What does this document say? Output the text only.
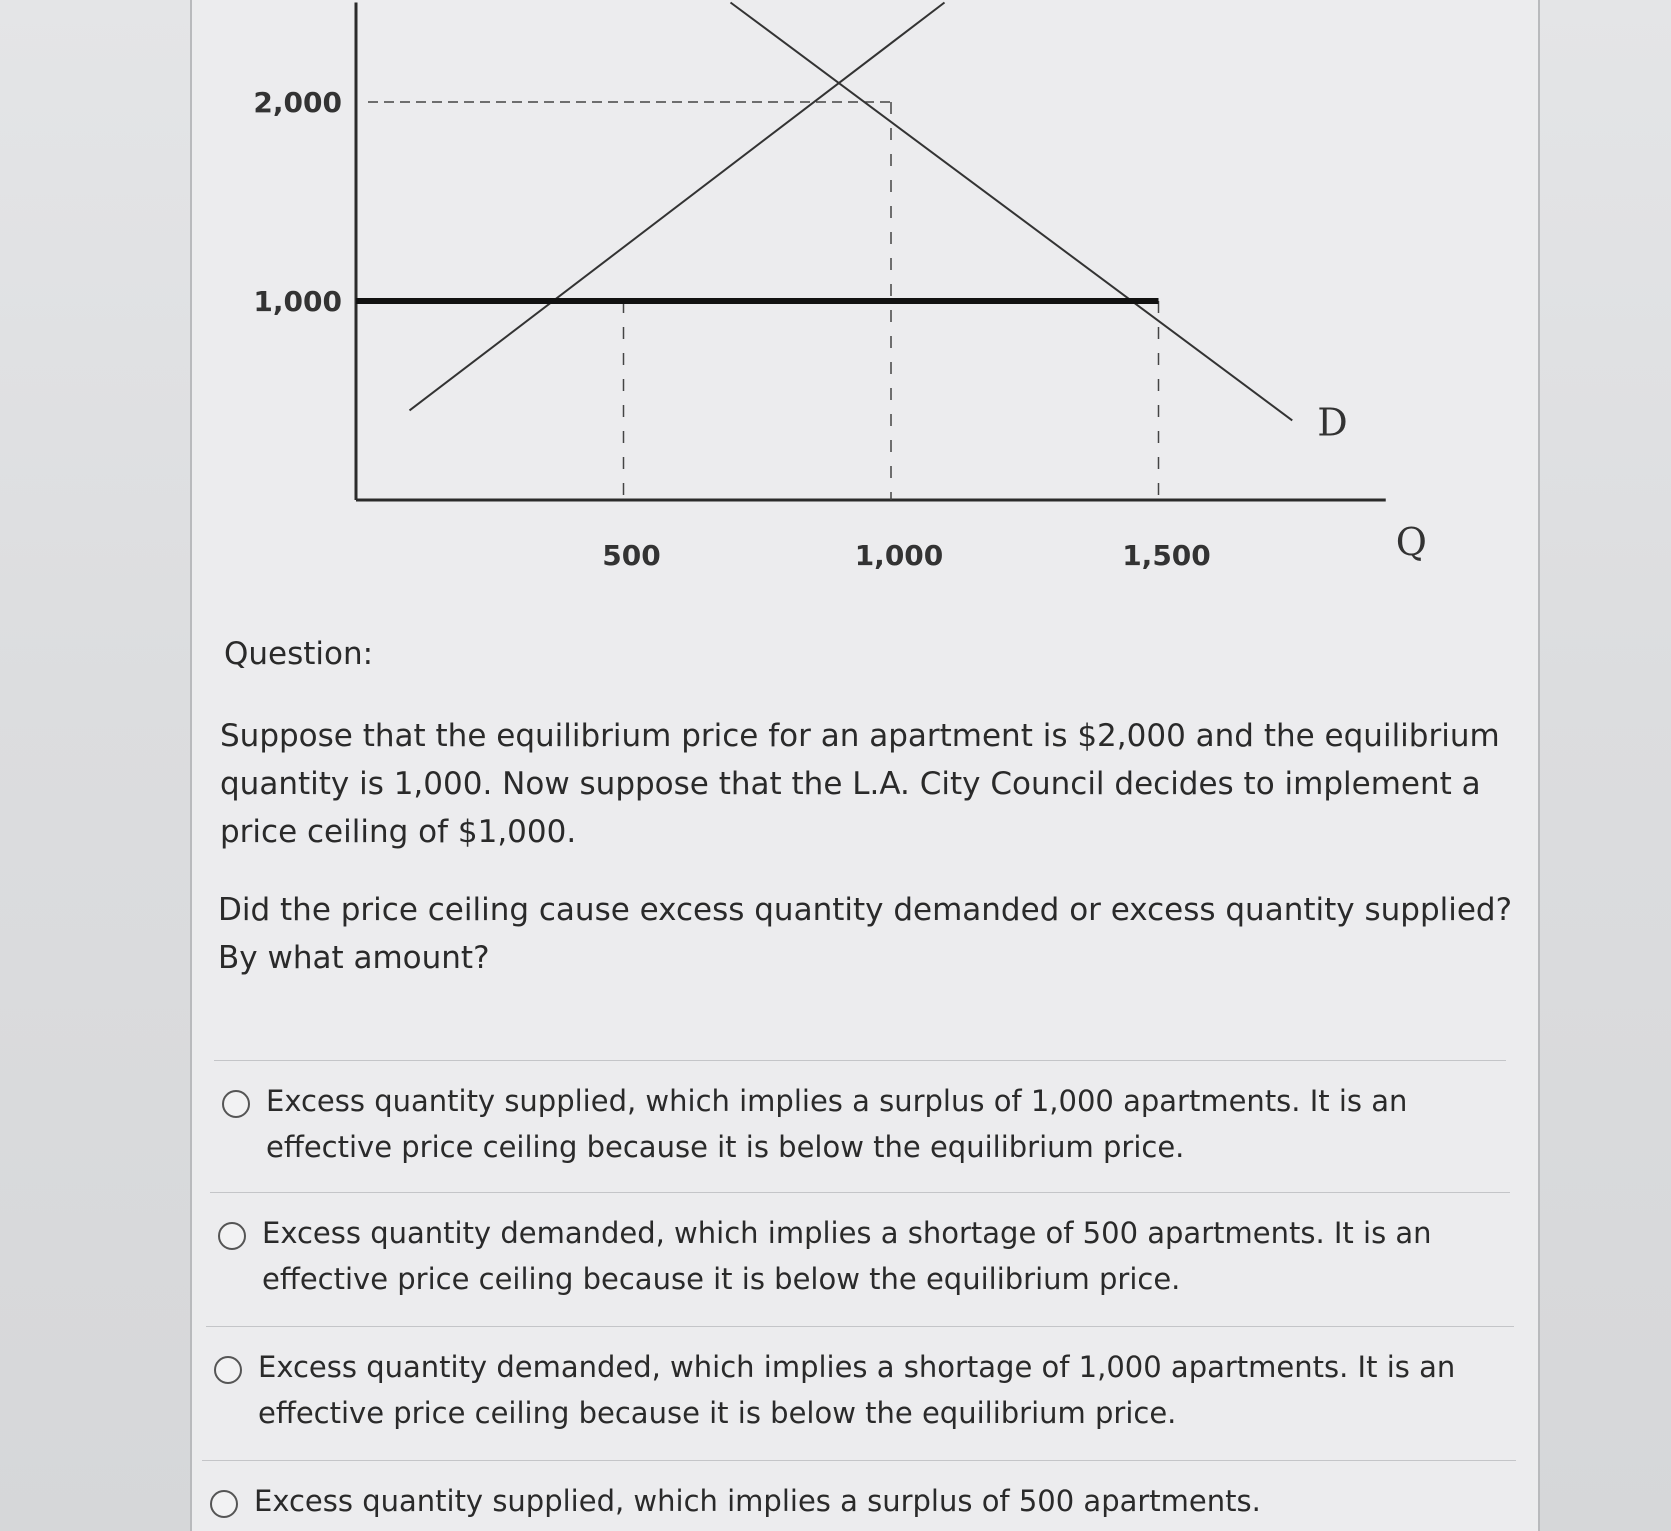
1,000
2,000
500	1,000	1,500
D
Q
Question:

Suppose that the equilibrium price for an apartment is $2,000 and the equilibrium quantity is 1,000. Now suppose that the L.A. City Council decides to implement a price ceiling of $1,000.

Did the price ceiling cause excess quantity demanded or excess quantity supplied? By what amount?

Excess quantity supplied, which implies a surplus of 1,000 apartments. It is an effective price ceiling because it is below the equilibrium price.
Excess quantity demanded, which implies a shortage of 500 apartments. It is an effective price ceiling because it is below the equilibrium price.
Excess quantity demanded, which implies a shortage of 1,000 apartments. It is an effective price ceiling because it is below the equilibrium price.
Excess quantity supplied, which implies a surplus of 500 apartments.
